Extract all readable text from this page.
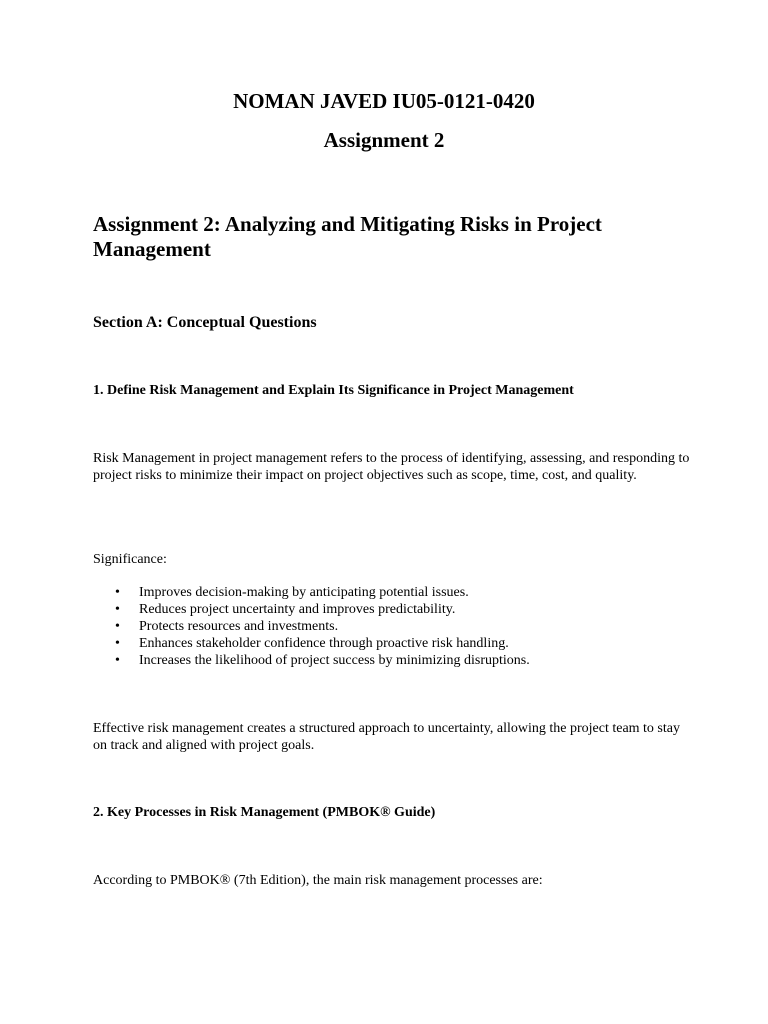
NOMAN JAVED IU05-0121-0420
Assignment 2
Assignment 2: Analyzing and Mitigating Risks in Project Management
Section A: Conceptual Questions
1. Define Risk Management and Explain Its Significance in Project Management

Risk Management in project management refers to the process of identifying, assessing, and responding to project risks to minimize their impact on project objectives such as scope, time, cost, and quality.

Significance:

• Improves decision-making by anticipating potential issues.
• Reduces project uncertainty and improves predictability.
• Protects resources and investments.
• Enhances stakeholder confidence through proactive risk handling.
• Increases the likelihood of project success by minimizing disruptions.

Effective risk management creates a structured approach to uncertainty, allowing the project team to stay on track and aligned with project goals.

2. Key Processes in Risk Management (PMBOK® Guide)

According to PMBOK® (7th Edition), the main risk management processes are:
